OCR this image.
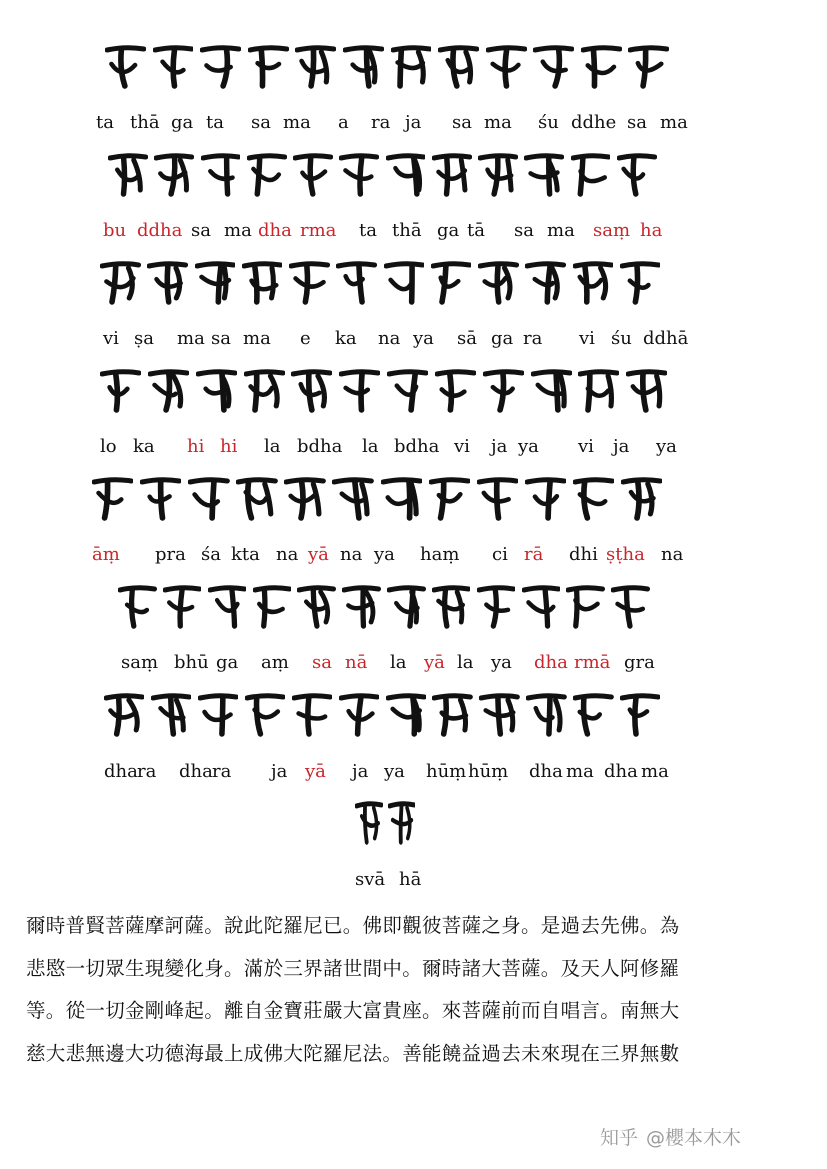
ta thā ga ta sa ma a ra ja sa ma śu ddhe sa ma
bu ddha sa ma dha rma ta thā ga tā sa ma saṃ ha
vi ṣa ma sa ma e ka na ya sā ga ra vi śu ddhā
lo ka hi hi la bdha la bdha vi ja ya vi ja ya
āṃ pra śa kta na yā na ya haṃ ci rā dhi ṣṭha na
saṃ bhū ga aṃ sa nā la yā la ya dha rmā gra
dha ra dha ra ja yā ja ya hūṃ hūṃ dha ma dha ma
svā hā
爾時普賢菩薩摩訶薩。說此陀羅尼已。佛即觀彼菩薩之身。是過去先佛。為
悲愍一切眾生現變化身。滿於三界諸世間中。爾時諸大菩薩。及天人阿修羅
等。從一切金剛峰起。離自金寶莊嚴大富貴座。來菩薩前而自唱言。南無大
慈大悲無邊大功德海最上成佛大陀羅尼法。善能饒益過去未來現在三界無數
知乎 @櫻本木木
